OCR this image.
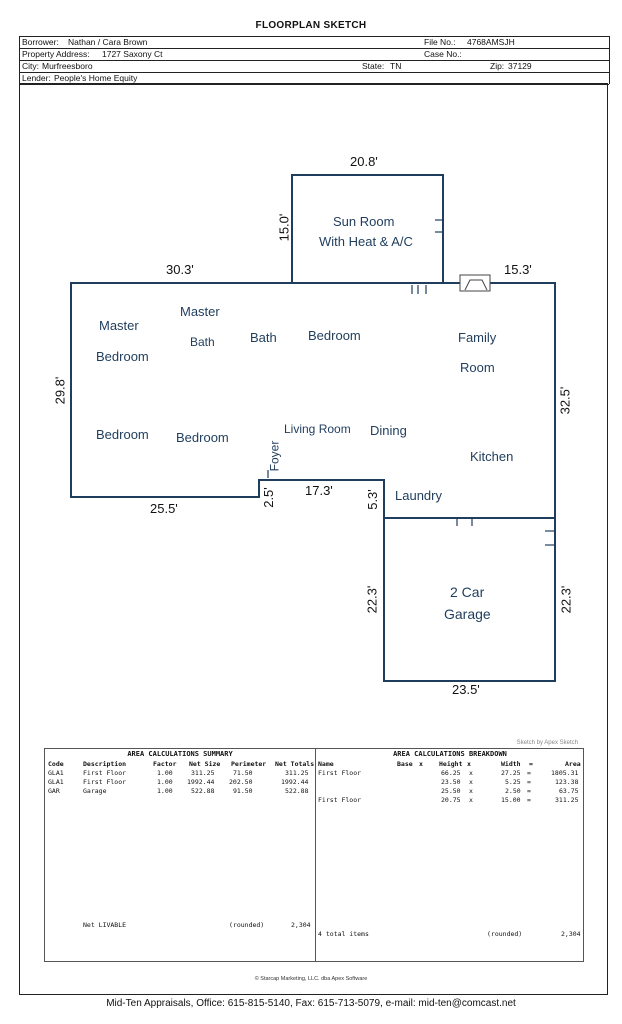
FLOORPLAN SKETCH
Borrower: Nathan / Cara Brown	File No.: 4768AMSJH
Property Address: 1727 Saxony Ct	Case No.:
City: Murfreesboro	State: TN	Zip: 37129
Lender: People's Home Equity
Sun Room
With Heat & A/C
Master
Bedroom
Master
Bath	Bath Bedroom	Family
Room
Bedroom Bedroom
Foyer
Living Room Dining
Kitchen
Laundry
2 Car
Garage
20.8'
15.0'
30.3'	15.3'
29.8'	32.5'
25.5'
2.5' 17.3' 5.3'
22.3'	22.3'
23.5'
Sketch by Apex Sketch
AREA CALCULATIONS SUMMARY
Code	Description	Factor Net Size Perimeter Net Totals
GLA1	First Floor	1.00	311.25	71.50	311.25
GLA1	First Floor	1.00 1992.44 202.50	1992.44
GAR	Garage	1.00	522.88	91.50	522.88
Net LIVABLE	(rounded)	2,304
AREA CALCULATIONS BREAKDOWN
Name	Base x Height x	Width =	Area
First Floor	66.25 x	27.25 =	1805.31
23.50 x	5.25 =	123.38
25.50 x	2.50 =	63.75
First Floor	20.75 x	15.00 =	311.25
4 total items	(rounded)	2,304
© Starcap Marketing, LLC. dba Apex Software
Mid-Ten Appraisals, Office: 615-815-5140, Fax: 615-713-5079, e-mail: mid-ten@comcast.net
